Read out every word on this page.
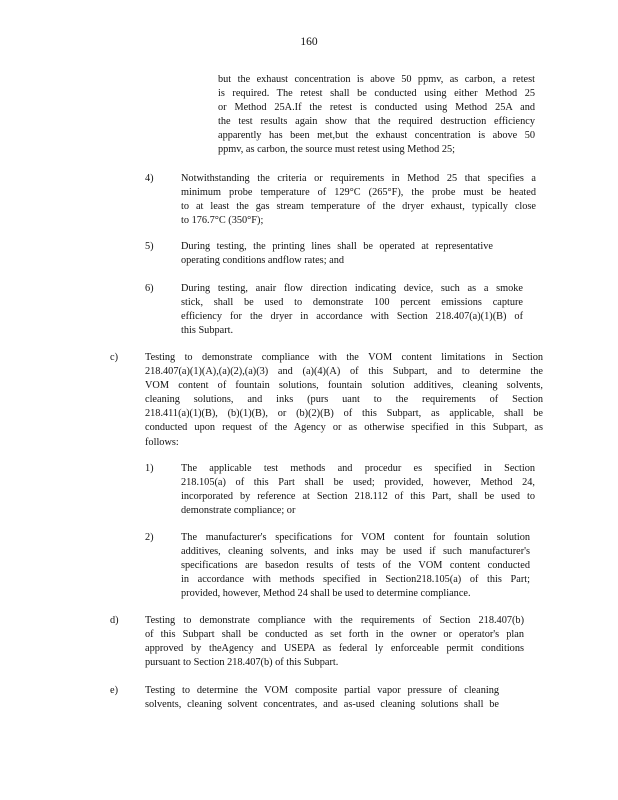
160

but the exhaust concentration is above 50 ppmv, as carbon, a retest

is required. The retest shall be conducted using either Method 25

or Method 25A.If the retest is conducted using Method 25A and

the test results again show that the required destruction efficiency

apparently has been met,but the exhaust concentration is above 50

ppmv, as carbon, the source must retest using Method 25;

4)	Notwithstanding the criteria or requirements in Method 25 that specifies a

minimum probe temperature of 129°C (265°F), the probe must be heated

to at least the gas stream temperature of the dryer exhaust, typically close

to 176.7°C (350°F);

5)	During testing, the printing lines shall be operated at representative

operating conditions andflow rates; and

6)	During testing, anair flow direction indicating device, such as a smoke

stick, shall be used to demonstrate 100 percent emissions capture

efficiency for the dryer in accordance with Section 218.407(a)(1)(B) of

this Subpart.

c)	Testing to demonstrate compliance with the VOM content limitations in Section

218.407(a)(1)(A),(a)(2),(a)(3) and (a)(4)(A) of this Subpart, and to determine the

VOM content of fountain solutions, fountain solution additives, cleaning solvents,

cleaning solutions, and inks (purs uant to the requirements of Section

218.411(a)(1)(B), (b)(1)(B), or (b)(2)(B) of this Subpart, as applicable, shall be

conducted upon request of the Agency or as otherwise specified in this Subpart, as

follows:

1)	The applicable test methods and procedur es specified in Section

218.105(a) of this Part shall be used; provided, however, Method 24,

incorporated by reference at Section 218.112 of this Part, shall be used to

demonstrate compliance; or

2)	The manufacturer's specifications for VOM content for fountain solution

additives, cleaning solvents, and inks may be used if such manufacturer's

specifications are basedon results of tests of the VOM content conducted

in accordance with methods specified in Section218.105(a) of this Part;

provided, however, Method 24 shall be used to determine compliance.

d)	Testing to demonstrate compliance with the requirements of Section 218.407(b)

of this Subpart shall be conducted as set forth in the owner or operator's plan

approved by theAgency and USEPA as federal ly enforceable permit conditions

pursuant to Section 218.407(b) of this Subpart.

e)	Testing to determine the VOM composite partial vapor pressure of cleaning

solvents, cleaning solvent concentrates, and as-used cleaning solutions shall be
